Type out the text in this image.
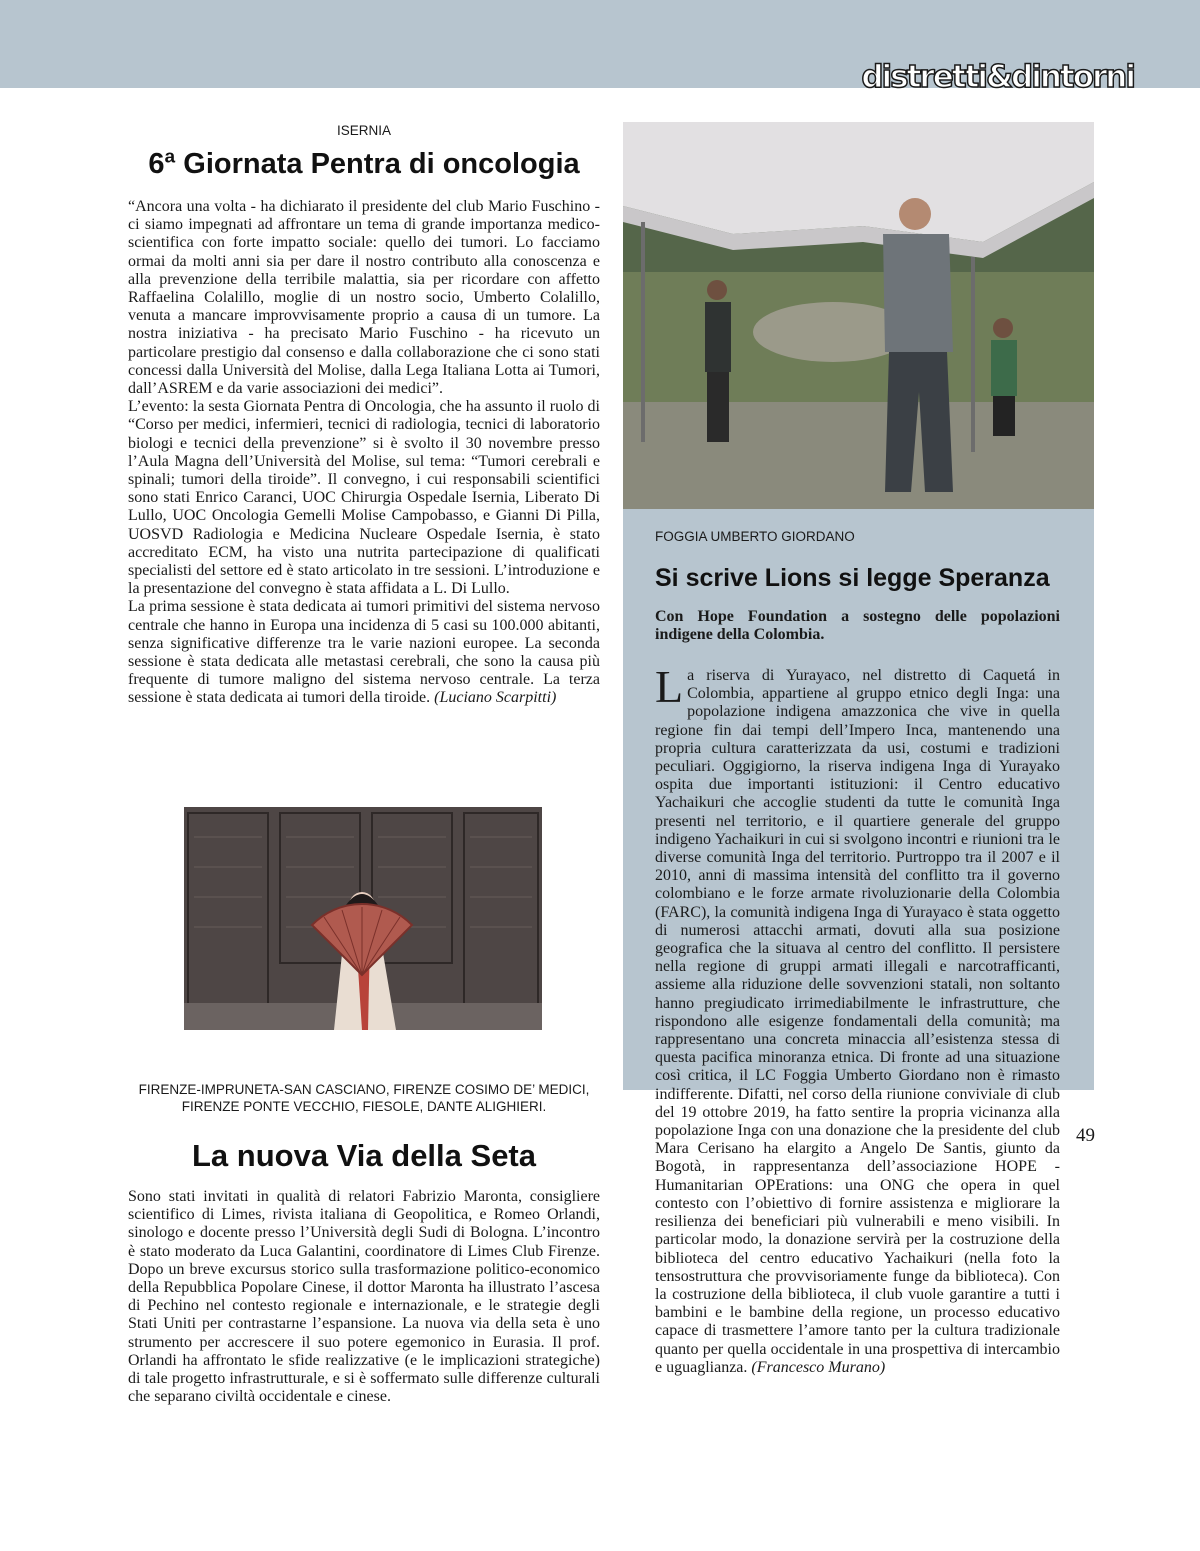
distretti&dintorni
ISERNIA
6ª Giornata Pentra di oncologia

“Ancora una volta - ha dichiarato il presidente del club Mario Fuschino - ci siamo impegnati ad affrontare un tema di grande importanza medico-scientifica con forte impatto sociale: quello dei tumori. Lo facciamo ormai da molti anni sia per dare il nostro contributo alla conoscenza e alla prevenzione della terribile malattia, sia per ricordare con affetto Raffaelina Colalillo, moglie di un nostro socio, Umberto Colalillo, venuta a mancare improvvisamente proprio a causa di un tumore. La nostra iniziativa - ha precisato Mario Fuschino - ha ricevuto un particolare prestigio dal consenso e dalla collaborazione che ci sono stati concessi dalla Università del Molise, dalla Lega Italiana Lotta ai Tumori, dall’ASREM e da varie associazioni dei medici”.

L’evento: la sesta Giornata Pentra di Oncologia, che ha assunto il ruolo di “Corso per medici, infermieri, tecnici di radiologia, tecnici di laboratorio biologi e tecnici della prevenzione” si è svolto il 30 novembre presso l’Aula Magna dell’Università del Molise, sul tema: “Tumori cerebrali e spinali; tumori della tiroide”. Il convegno, i cui responsabili scientifici sono stati Enrico Caranci, UOC Chirurgia Ospedale Isernia, Liberato Di Lullo, UOC Oncologia Gemelli Molise Campobasso, e Gianni Di Pilla, UOSVD Radiologia e Medicina Nucleare Ospedale Isernia, è stato accreditato ECM, ha visto una nutrita partecipazione di qualificati specialisti del settore ed è stato articolato in tre sessioni. L’introduzione e la presentazione del convegno è stata affidata a L. Di Lullo.

La prima sessione è stata dedicata ai tumori primitivi del sistema nervoso centrale che hanno in Europa una incidenza di 5 casi su 100.000 abitanti, senza significative differenze tra le varie nazioni europee. La seconda sessione è stata dedicata alle metastasi cerebrali, che sono la causa più frequente di tumore maligno del sistema nervoso centrale. La terza sessione è stata dedicata ai tumori della tiroide. (Luciano Scarpitti)

FIRENZE-IMPRUNETA-SAN CASCIANO, FIRENZE COSIMO DE’ MEDICI,
FIRENZE PONTE VECCHIO, FIESOLE, DANTE ALIGHIERI.
La nuova Via della Seta

Sono stati invitati in qualità di relatori Fabrizio Maronta, consigliere scientifico di Limes, rivista italiana di Geopolitica, e Romeo Orlandi, sinologo e docente presso l’Università degli Sudi di Bologna. L’incontro è stato moderato da Luca Galantini, coordinatore di Limes Club Firenze. Dopo un breve excursus storico sulla trasformazione politico-economico della Repubblica Popolare Cinese, il dottor Maronta ha illustrato l’ascesa di Pechino nel contesto regionale e internazionale, e le strategie degli Stati Uniti per contrastarne l’espansione. La nuova via della seta è uno strumento per accrescere il suo potere egemonico in Eurasia. Il prof. Orlandi ha affrontato le sfide realizzative (e le implicazioni strategiche) di tale progetto infrastrutturale, e si è soffermato sulle differenze culturali che separano civiltà occidentale e cinese.

FOGGIA UMBERTO GIORDANO
Si scrive Lions si legge Speranza
Con Hope Foundation a sostegno delle popolazioni indigene della Colombia.

La riserva di Yurayaco, nel distretto di Caquetá in Colombia, appartiene al gruppo etnico degli Inga: una popolazione indigena amazzonica che vive in quella regione fin dai tempi dell’Impero Inca, mantenendo una propria cultura caratterizzata da usi, costumi e tradizioni peculiari. Oggigiorno, la riserva indigena Inga di Yurayako ospita due importanti istituzioni: il Centro educativo Yachaikuri che accoglie studenti da tutte le comunità Inga presenti nel territorio, e il quartiere generale del gruppo indigeno Yachaikuri in cui si svolgono incontri e riunioni tra le diverse comunità Inga del territorio. Purtroppo tra il 2007 e il 2010, anni di massima intensità del conflitto tra il governo colombiano e le forze armate rivoluzionarie della Colombia (FARC), la comunità indigena Inga di Yurayaco è stata oggetto di numerosi attacchi armati, dovuti alla sua posizione geografica che la situava al centro del conflitto. Il persistere nella regione di gruppi armati illegali e narcotrafficanti, assieme alla riduzione delle sovvenzioni statali, non soltanto hanno pregiudicato irrimediabilmente le infrastrutture, che rispondono alle esigenze fondamentali della comunità; ma rappresentano una concreta minaccia all’esistenza stessa di questa pacifica minoranza etnica. Di fronte ad una situazione così critica, il LC Foggia Umberto Giordano non è rimasto indifferente. Difatti, nel corso della riunione conviviale di club del 19 ottobre 2019, ha fatto sentire la propria vicinanza alla popolazione Inga con una donazione che la presidente del club Mara Cerisano ha elargito a Angelo De Santis, giunto da Bogotà, in rappresentanza dell’associazione HOPE - Humanitarian OPErations: una ONG che opera in quel contesto con l’obiettivo di fornire assistenza e migliorare la resilienza dei beneficiari più vulnerabili e meno visibili. In particolar modo, la donazione servirà per la costruzione della biblioteca del centro educativo Yachaikuri (nella foto la tensostruttura che provvisoriamente funge da biblioteca). Con la costruzione della biblioteca, il club vuole garantire a tutti i bambini e le bambine della regione, un processo educativo capace di trasmettere l’amore tanto per la cultura tradizionale quanto per quella occidentale in una prospettiva di intercambio e uguaglianza. (Francesco Murano)

49
